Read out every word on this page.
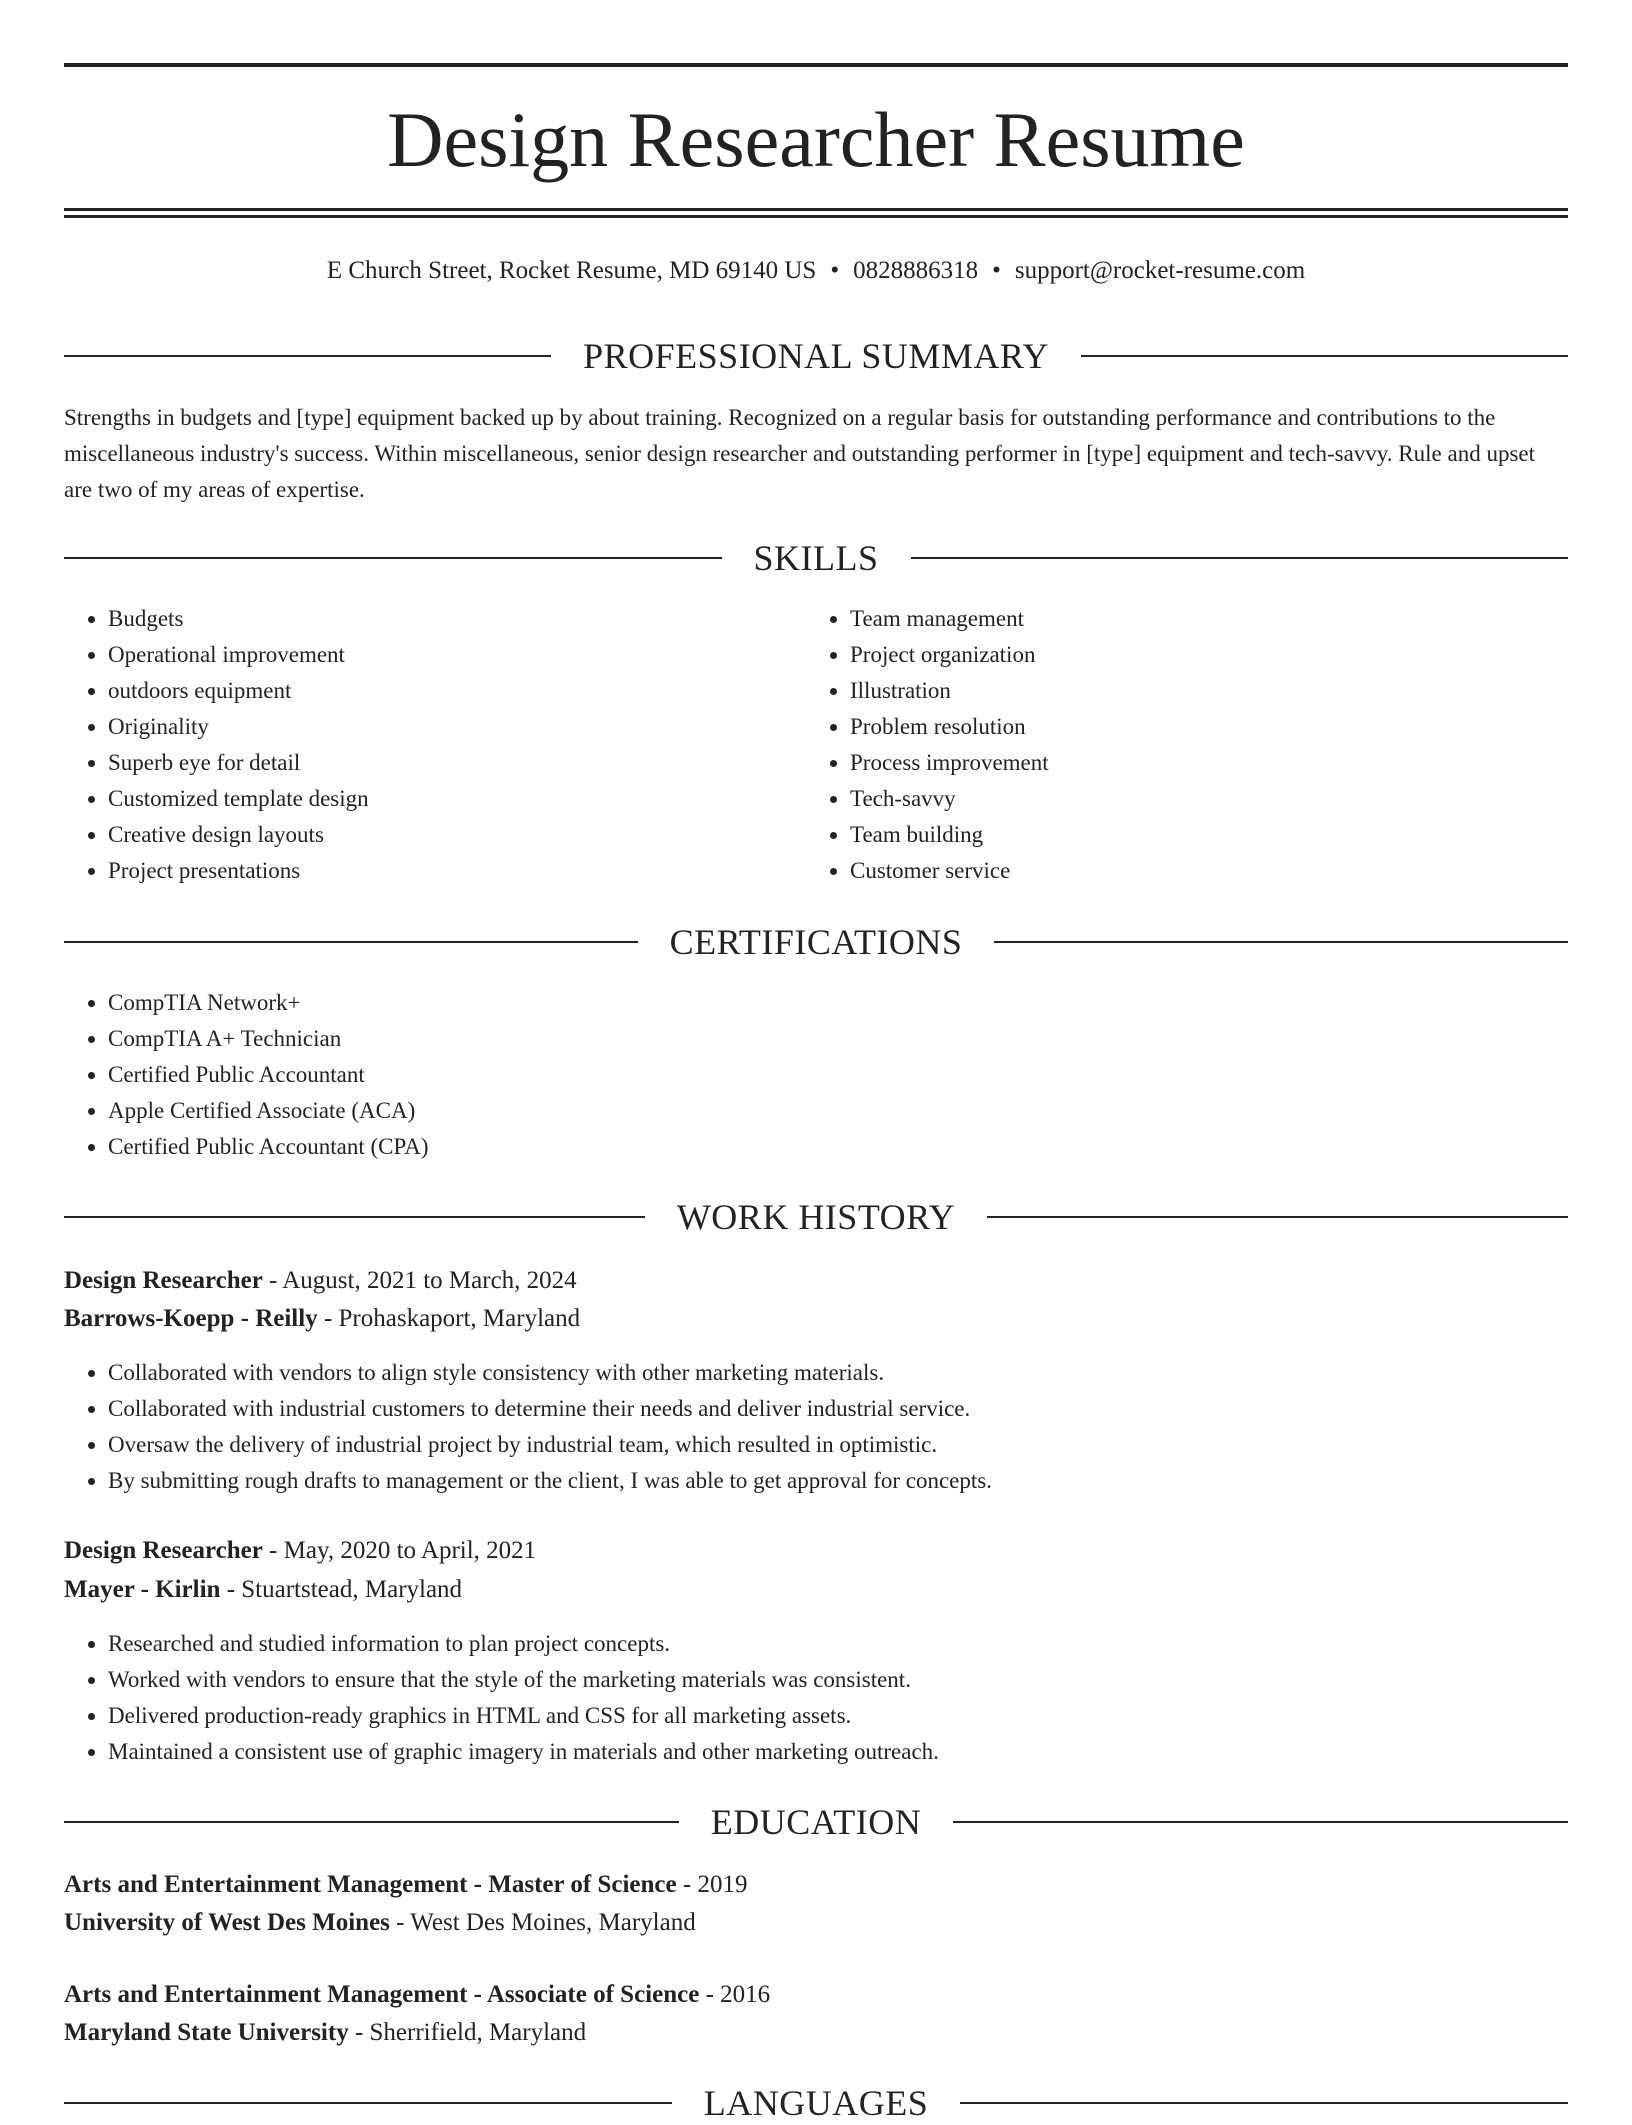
Design Researcher Resume
E Church Street, Rocket Resume, MD 69140 US • 0828886318 • support@rocket-resume.com
PROFESSIONAL SUMMARY

Strengths in budgets and [type] equipment backed up by about training. Recognized on a regular basis for outstanding performance and contributions to the miscellaneous industry's success. Within miscellaneous, senior design researcher and outstanding performer in [type] equipment and tech-savvy. Rule and upset are two of my areas of expertise.

SKILLS
• Budgets
• Operational improvement
• outdoors equipment
• Originality
• Superb eye for detail
• Customized template design
• Creative design layouts
• Project presentations
• Team management
• Project organization
• Illustration
• Problem resolution
• Process improvement
• Tech-savvy
• Team building
• Customer service
CERTIFICATIONS
• CompTIA Network+
• CompTIA A+ Technician
• Certified Public Accountant
• Apple Certified Associate (ACA)
• Certified Public Accountant (CPA)
WORK HISTORY
Design Researcher - August, 2021 to March, 2024
Barrows-Koepp - Reilly - Prohaskaport, Maryland
• Collaborated with vendors to align style consistency with other marketing materials.
• Collaborated with industrial customers to determine their needs and deliver industrial service.
• Oversaw the delivery of industrial project by industrial team, which resulted in optimistic.
• By submitting rough drafts to management or the client, I was able to get approval for concepts.
Design Researcher - May, 2020 to April, 2021
Mayer - Kirlin - Stuartstead, Maryland
• Researched and studied information to plan project concepts.
• Worked with vendors to ensure that the style of the marketing materials was consistent.
• Delivered production-ready graphics in HTML and CSS for all marketing assets.
• Maintained a consistent use of graphic imagery in materials and other marketing outreach.
EDUCATION
Arts and Entertainment Management - Master of Science - 2019
University of West Des Moines - West Des Moines, Maryland
Arts and Entertainment Management - Associate of Science - 2016
Maryland State University - Sherrifield, Maryland
LANGUAGES
